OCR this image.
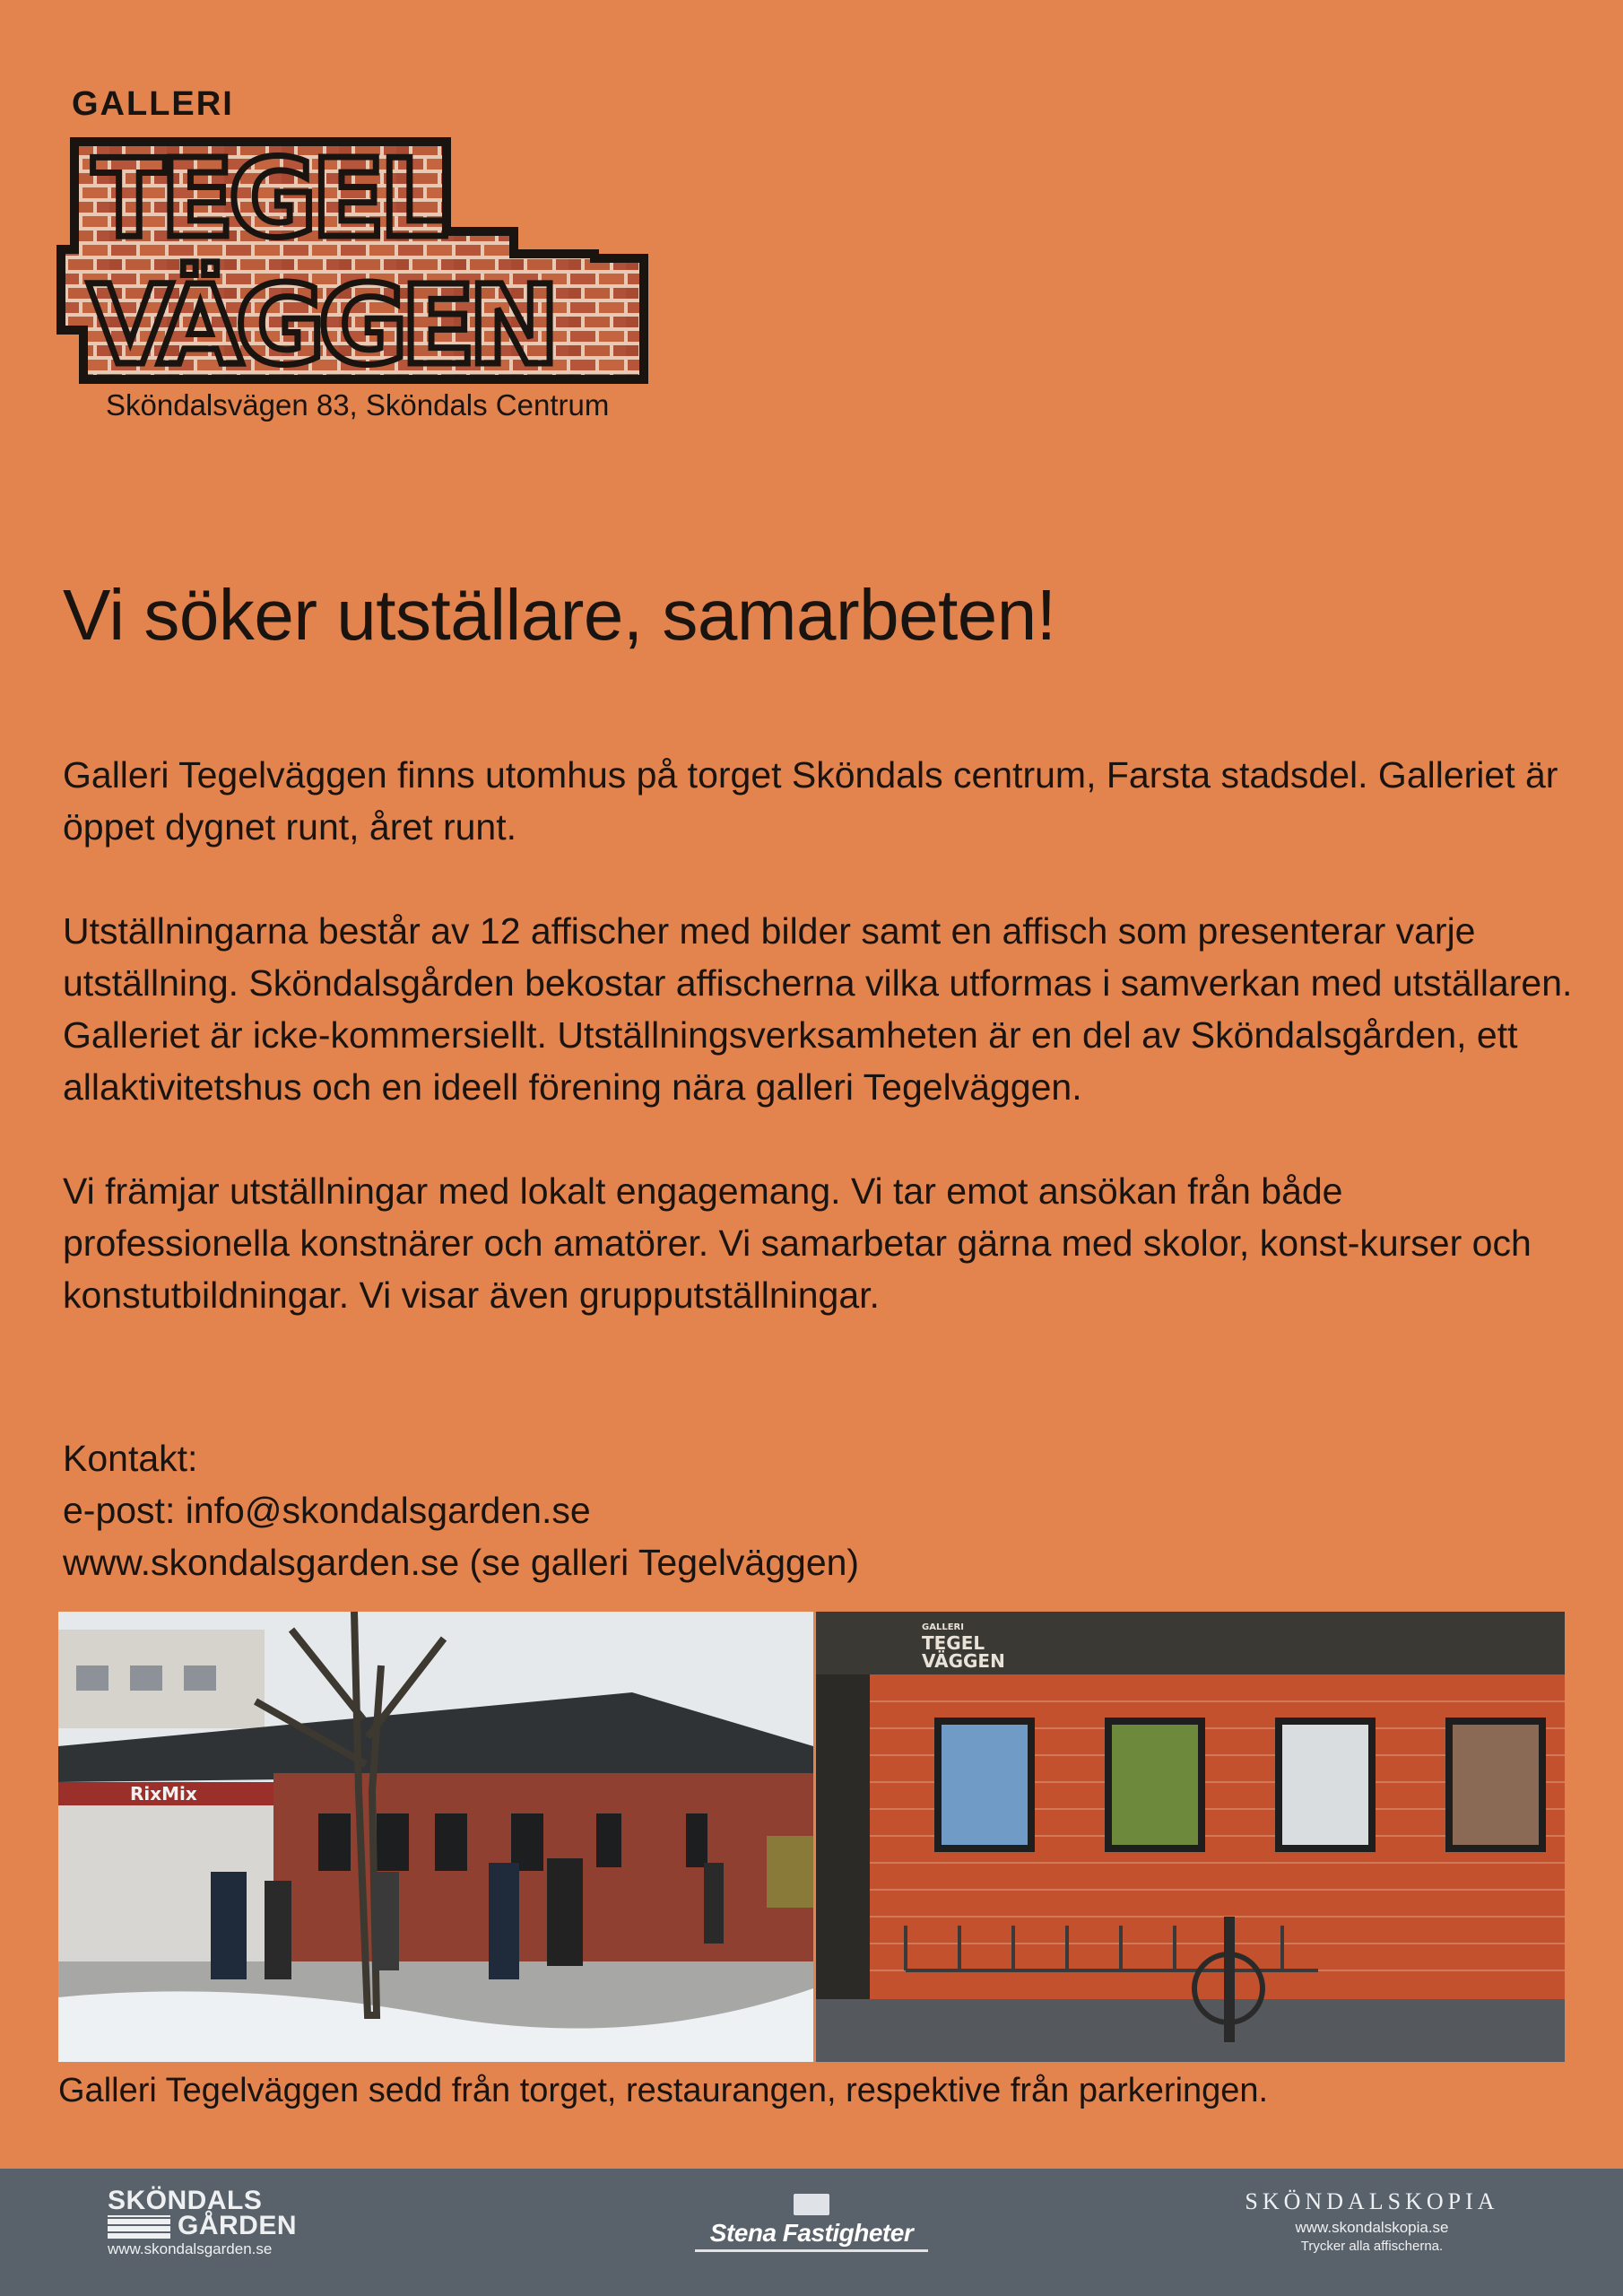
GALLERI
TEGEL
VÄGGEN
Sköndalsvägen 83, Sköndals Centrum
Vi söker utställare, samarbeten!

Galleri Tegelväggen finns utomhus på torget Sköndals centrum, Farsta stadsdel. Galleriet är öppet dygnet runt, året runt.

Utställningarna består av 12 affischer med bilder samt en affisch som presenterar varje utställning. Sköndalsgården bekostar affischerna vilka utformas i samverkan med utställaren. Galleriet är icke-kommersiellt. Utställningsverksamheten är en del av Sköndalsgården, ett allaktivitetshus och en ideell förening nära galleri Tegelväggen.

Vi främjar utställningar med lokalt engagemang. Vi tar emot ansökan från både professionella konstnärer och amatörer. Vi samarbetar gärna med skolor, konst-kurser och konstutbildningar. Vi visar även grupputställningar.

Kontakt:
e-post: info@skondalsgarden.se
www.skondalsgarden.se (se galleri Tegelväggen)
RixMix
GALLERI
TEGEL
VÄGGEN
Galleri Tegelväggen sedd från torget, restaurangen, respektive från parkeringen.
SKÖNDALS
GÅRDEN
www.skondalsgarden.se
Stena Fastigheter
SKÖNDALSKOPIA
www.skondalskopia.se
Trycker alla affischerna.
